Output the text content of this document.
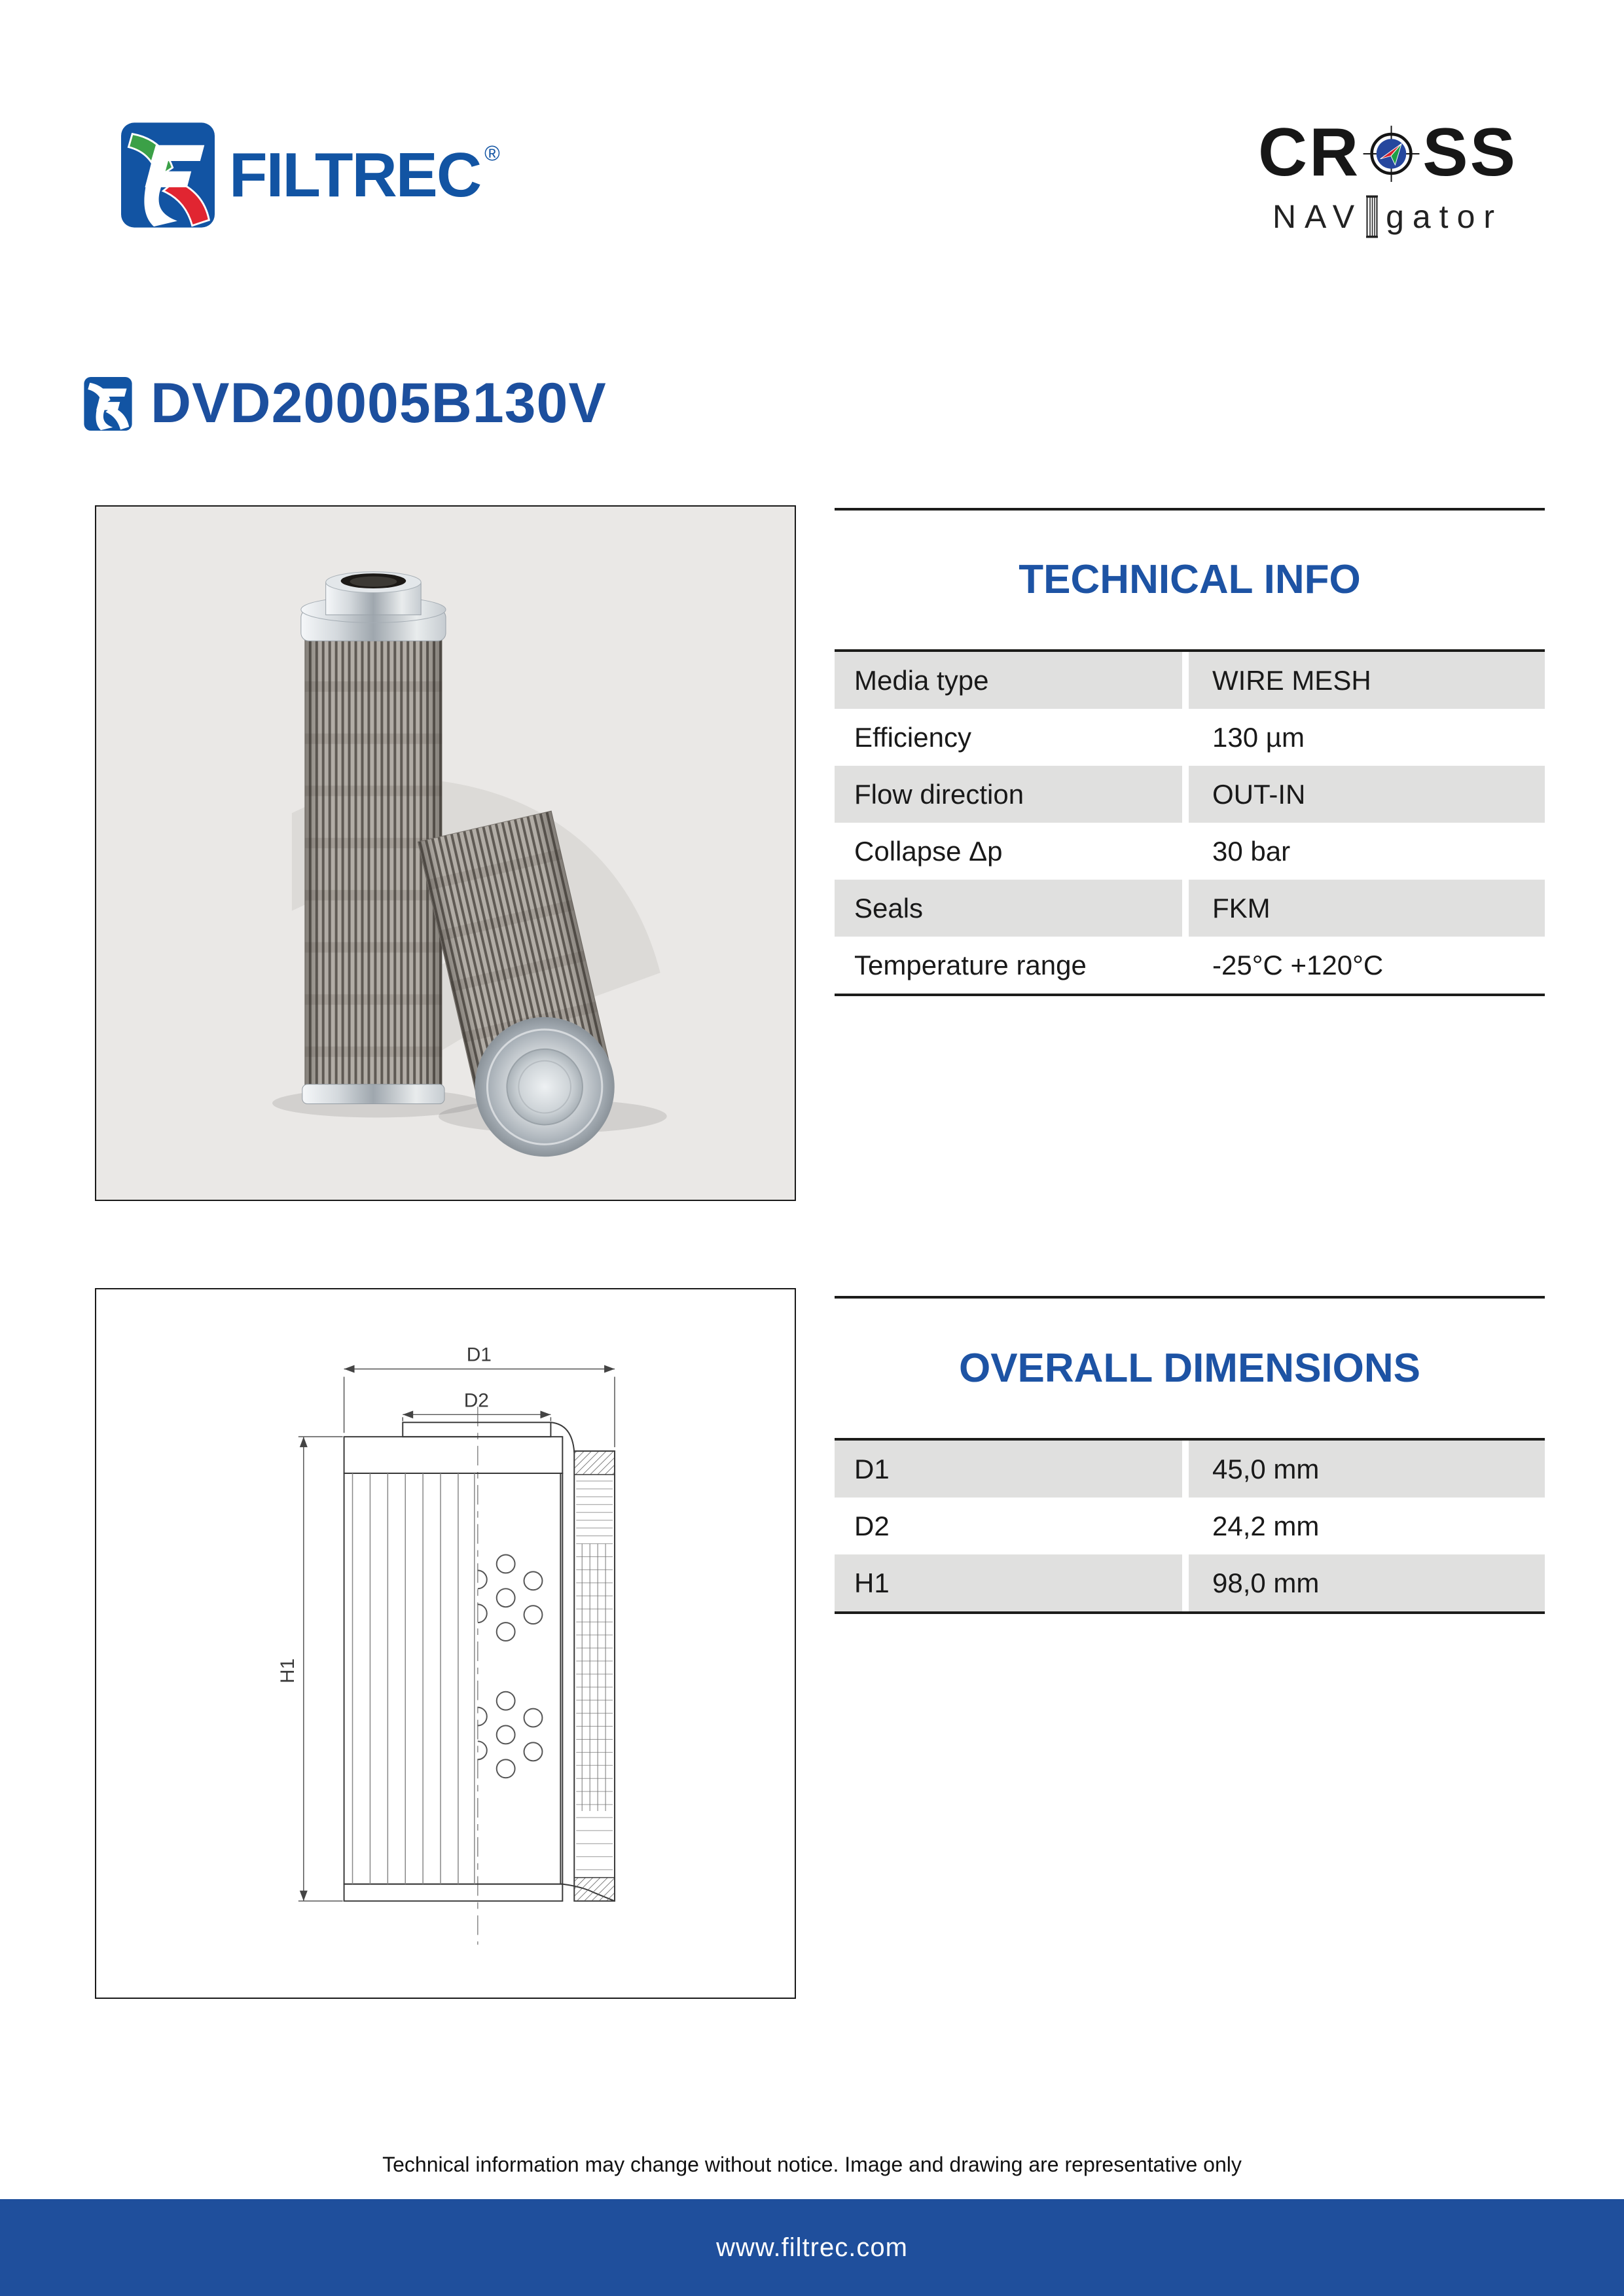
FILTREC ®	CR SS
NAV gator
DVD20005B130V
TECHNICAL INFO
Media type	WIRE MESH
Efficiency	130 µm
Flow direction	OUT-IN
Collapse Δp	30 bar
Seals	FKM
Temperature range	-25°C +120°C
D1
D2
H1
OVERALL DIMENSIONS
D1	45,0 mm
D2	24,2 mm
H1	98,0 mm
Technical information may change without notice. Image and drawing are representative only
www.filtrec.com
